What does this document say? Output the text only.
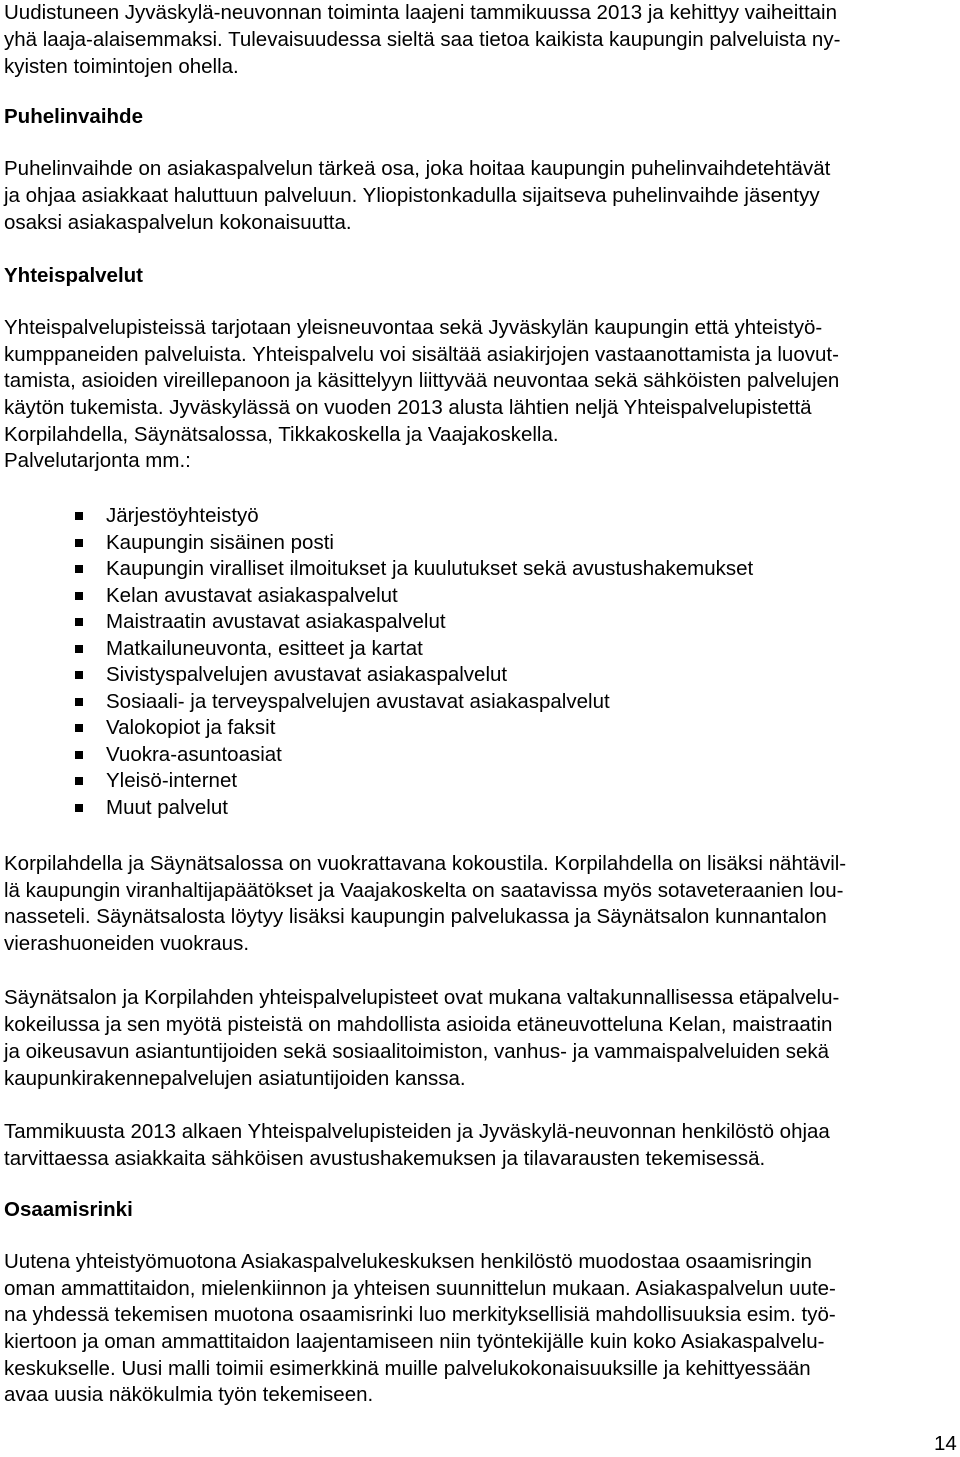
Uudistuneen Jyväskylä-neuvonnan toiminta laajeni tammikuussa 2013 ja kehittyy vaiheittain

yhä laaja-alaisemmaksi. Tulevaisuudessa sieltä saa tietoa kaikista kaupungin palveluista ny-

kyisten toimintojen ohella.

Puhelinvaihde

Puhelinvaihde on asiakaspalvelun tärkeä osa, joka hoitaa kaupungin puhelinvaihdetehtävät

ja ohjaa asiakkaat haluttuun palveluun. Yliopistonkadulla sijaitseva puhelinvaihde jäsentyy

osaksi asiakaspalvelun kokonaisuutta.

Yhteispalvelut

Yhteispalvelupisteissä tarjotaan yleisneuvontaa sekä Jyväskylän kaupungin että yhteistyö-

kumppaneiden palveluista. Yhteispalvelu voi sisältää asiakirjojen vastaanottamista ja luovut-

tamista, asioiden vireillepanoon ja käsittelyyn liittyvää neuvontaa sekä sähköisten palvelujen

käytön tukemista. Jyväskylässä on vuoden 2013 alusta lähtien neljä Yhteispalvelupistettä

Korpilahdella, Säynätsalossa, Tikkakoskella ja Vaajakoskella.

Palvelutarjonta mm.:

Järjestöyhteistyö
Kaupungin sisäinen posti
Kaupungin viralliset ilmoitukset ja kuulutukset sekä avustushakemukset
Kelan avustavat asiakaspalvelut
Maistraatin avustavat asiakaspalvelut
Matkailuneuvonta, esitteet ja kartat
Sivistyspalvelujen avustavat asiakaspalvelut
Sosiaali- ja terveyspalvelujen avustavat asiakaspalvelut
Valokopiot ja faksit
Vuokra-asuntoasiat
Yleisö-internet
Muut palvelut

Korpilahdella ja Säynätsalossa on vuokrattavana kokoustila. Korpilahdella on lisäksi nähtävil-

lä kaupungin viranhaltijapäätökset ja Vaajakoskelta on saatavissa myös sotaveteraanien lou-

nasseteli. Säynätsalosta löytyy lisäksi kaupungin palvelukassa ja Säynätsalon kunnantalon

vierashuoneiden vuokraus.

Säynätsalon ja Korpilahden yhteispalvelupisteet ovat mukana valtakunnallisessa etäpalvelu-

kokeilussa ja sen myötä pisteistä on mahdollista asioida etäneuvotteluna Kelan, maistraatin

ja oikeusavun asiantuntijoiden sekä sosiaalitoimiston, vanhus- ja vammaispalveluiden sekä

kaupunkirakennepalvelujen asiatuntijoiden kanssa.

Tammikuusta 2013 alkaen Yhteispalvelupisteiden ja Jyväskylä-neuvonnan henkilöstö ohjaa

tarvittaessa asiakkaita sähköisen avustushakemuksen ja tilavarausten tekemisessä.

Osaamisrinki

Uutena yhteistyömuotona Asiakaspalvelukeskuksen henkilöstö muodostaa osaamisringin

oman ammattitaidon, mielenkiinnon ja yhteisen suunnittelun mukaan. Asiakaspalvelun uute-

na yhdessä tekemisen muotona osaamisrinki luo merkityksellisiä mahdollisuuksia esim. työ-

kiertoon ja oman ammattitaidon laajentamiseen niin työntekijälle kuin koko Asiakaspalvelu-

keskukselle. Uusi malli toimii esimerkkinä muille palvelukokonaisuuksille ja kehittyessään

avaa uusia näkökulmia työn tekemiseen.

14
